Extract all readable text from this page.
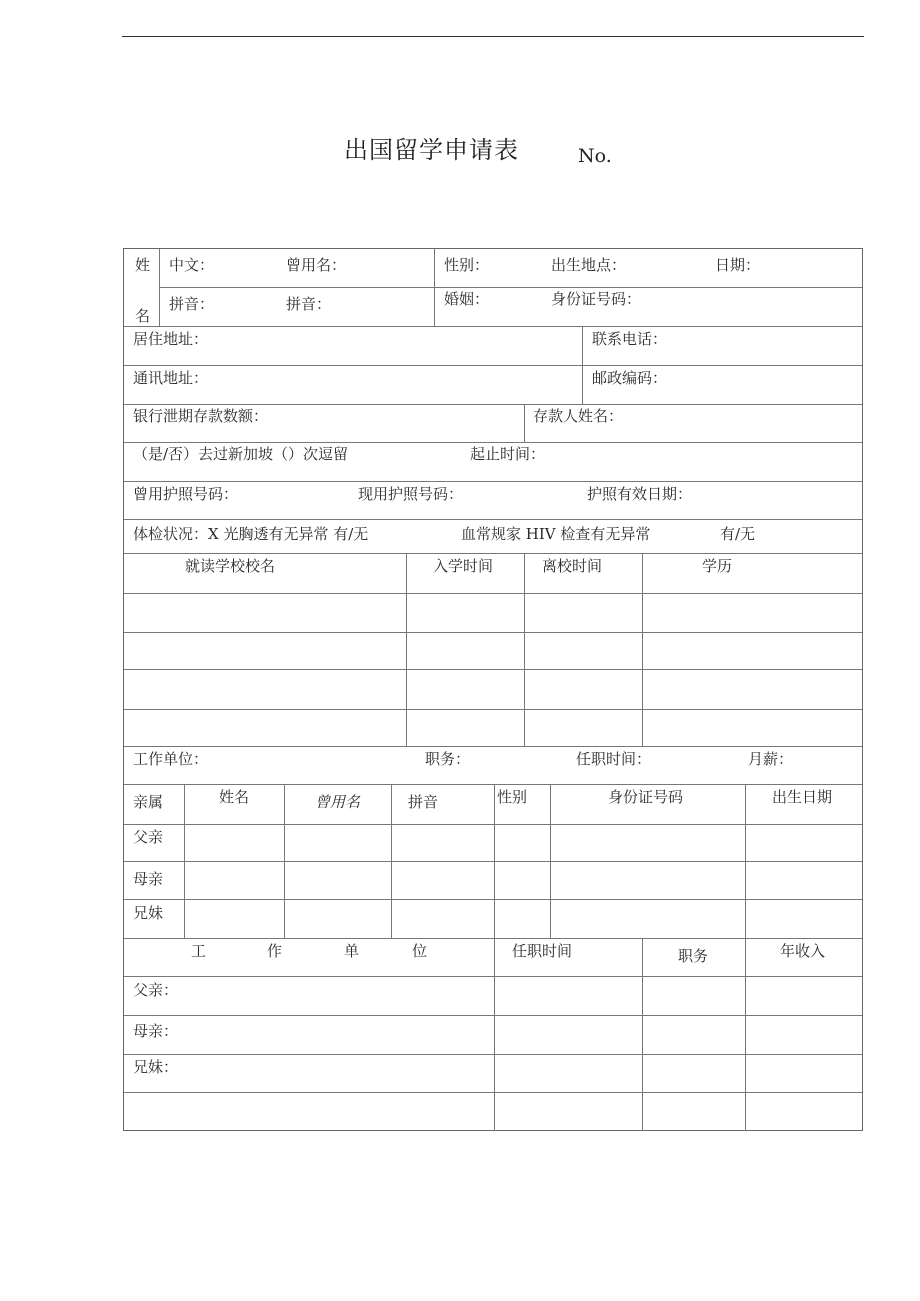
出国留学申请表	No.
姓
名
中文：	曾用名：	性别：	出生地点：	日期：
拼音：	拼音：	婚姻：	身份证号码：
居住地址：	联系电话：
通讯地址：	邮政编码：
银行泄期存款数额：	存款人姓名：
（是/否）去过新加坡（）次逗留	起止时间：
曾用护照号码：	现用护照号码：	护照有效日期：
体检状况：X 光胸透有无异常 有/无	血常规家 HIV 检查有无异常	有/无
就读学校校名	入学时间	离校时间	学历
工作单位：	职务：	任职时间：	月薪：
亲属	姓名	曾用名	拼音	性别	身份证号码	出生日期
父亲
母亲
兄妹
工	作	单	位	任职时间	职务	年收入
父亲：
母亲：
兄妹：
